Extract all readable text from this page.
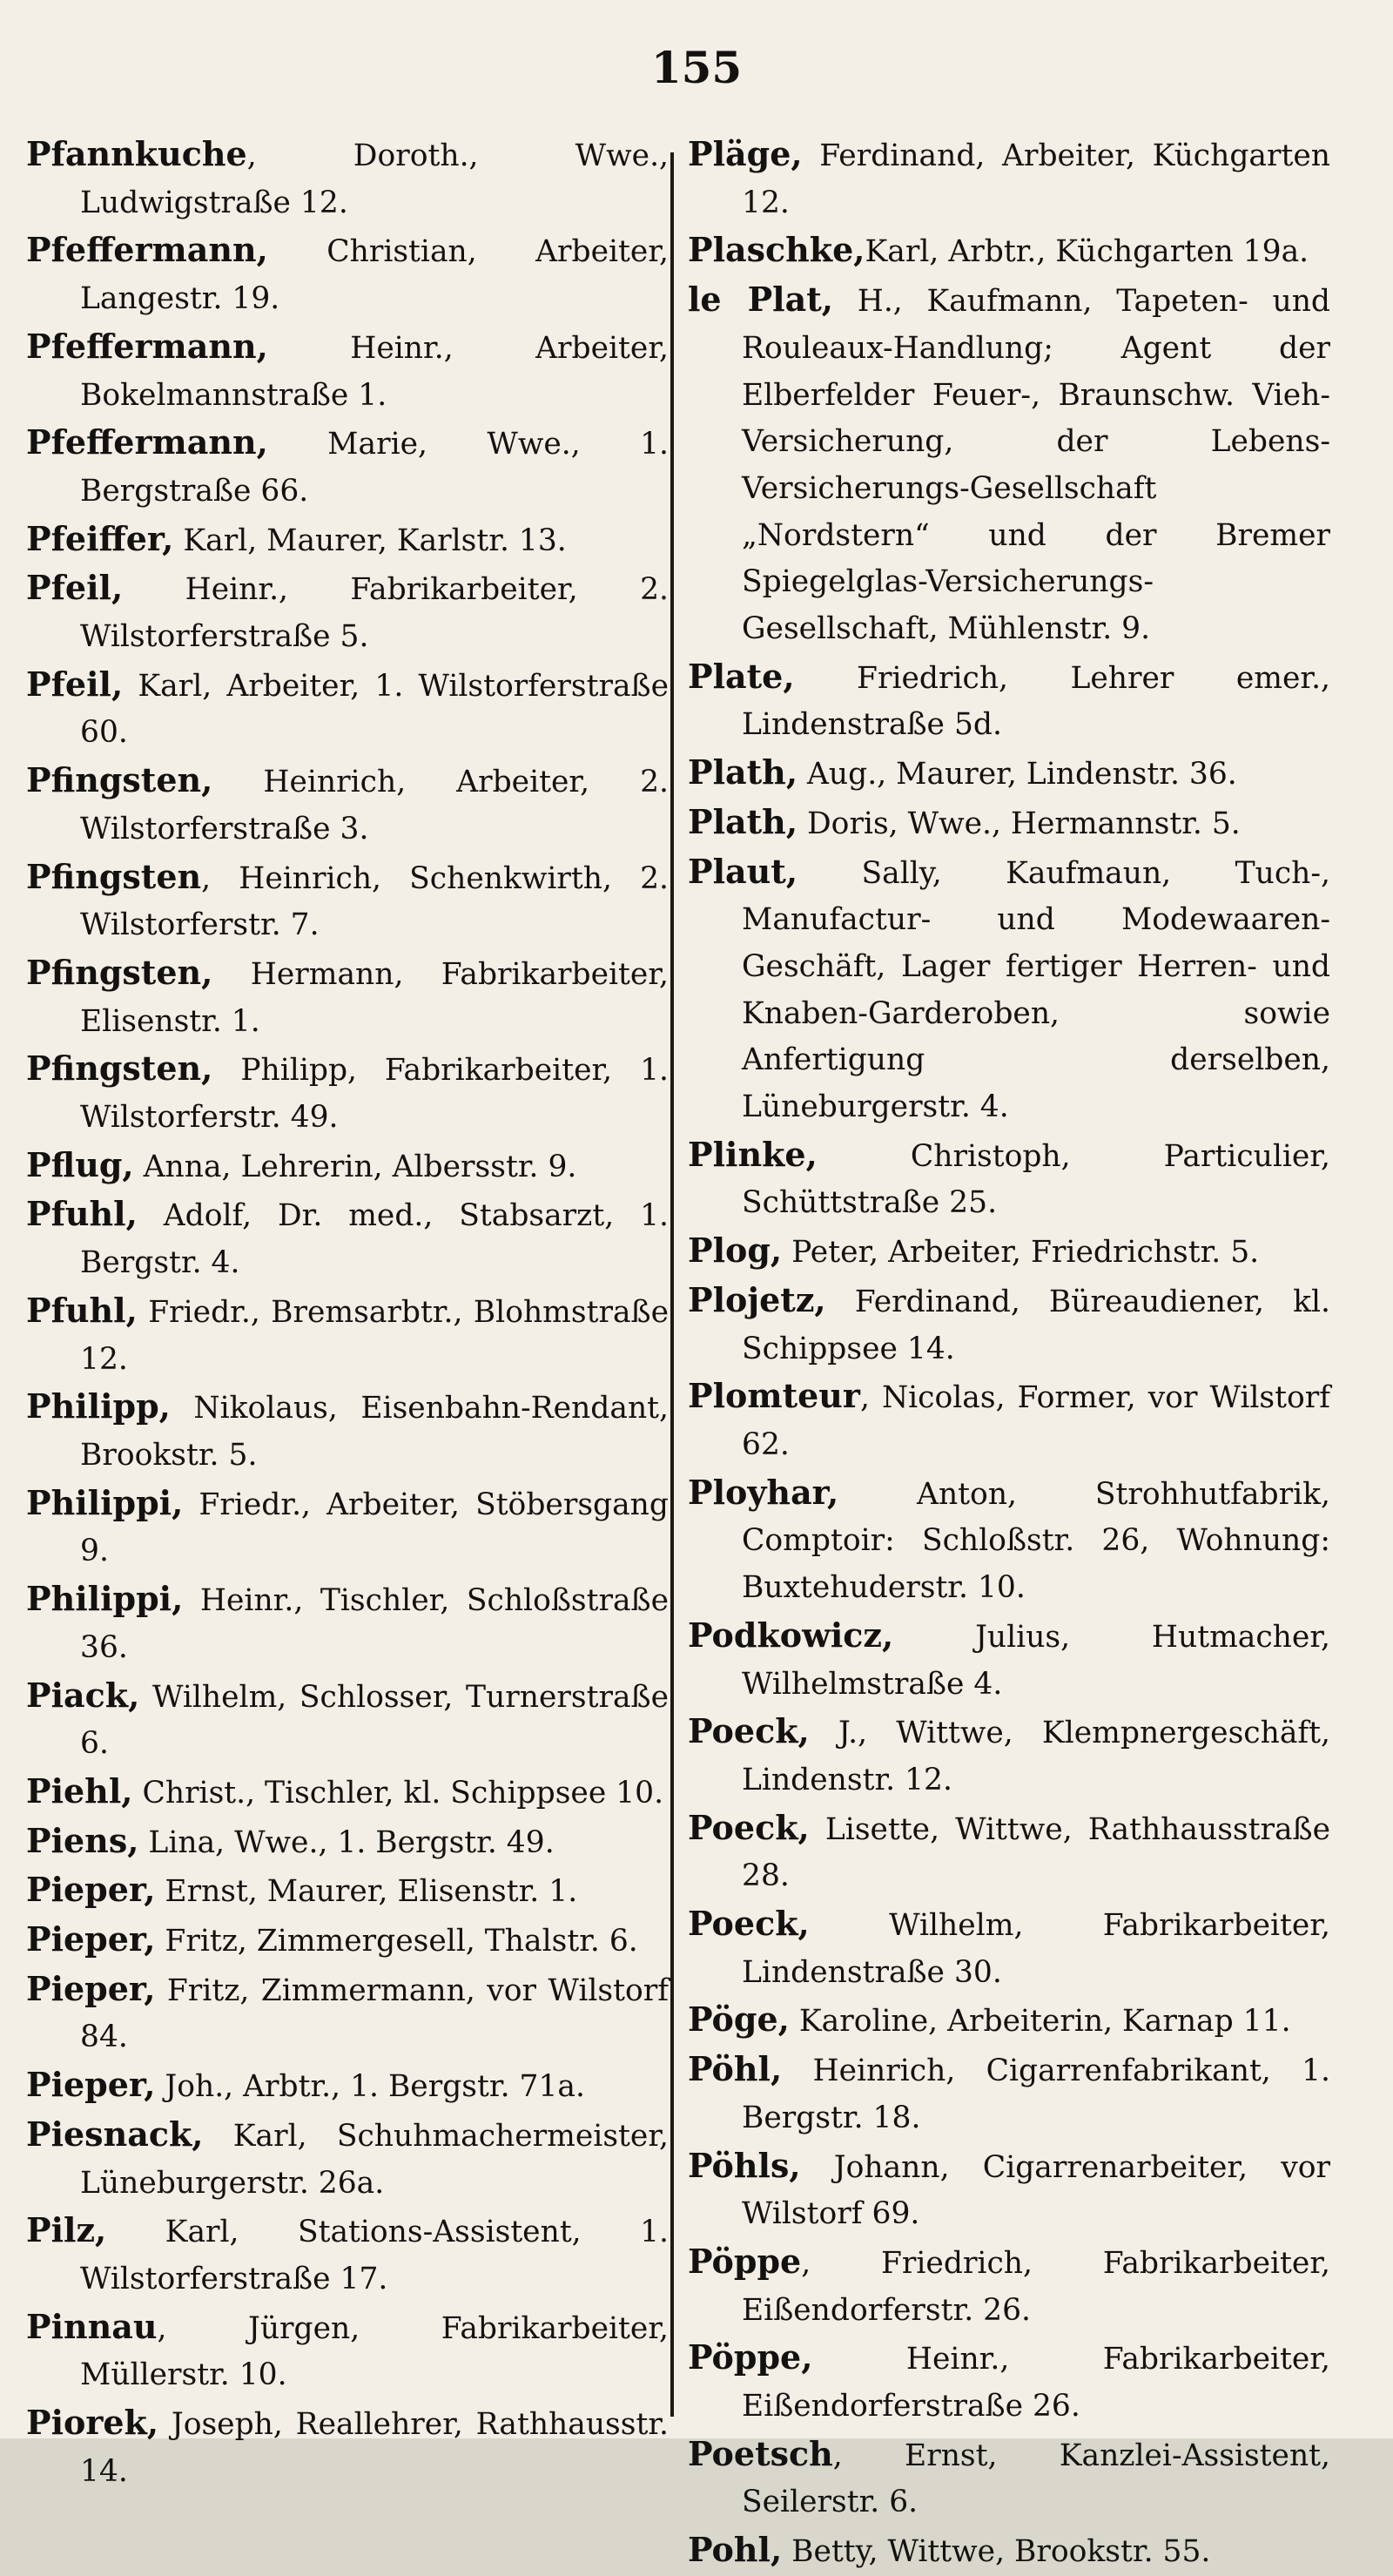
155

Pfannkuche, Doroth., Wwe., Ludwigstraße 12.

Pfeffermann, Christian, Arbeiter, Langestr. 19.

Pfeffermann, Heinr., Arbeiter, Bokelmannstraße 1.

Pfeffermann, Marie, Wwe., 1. Bergstraße 66.

Pfeiffer, Karl, Maurer, Karlstr. 13.

Pfeil, Heinr., Fabrikarbeiter, 2. Wilstorferstraße 5.

Pfeil, Karl, Arbeiter, 1. Wilstorferstraße 60.

Pfingsten, Heinrich, Arbeiter, 2. Wilstorferstraße 3.

Pfingsten, Heinrich, Schenkwirth, 2. Wilstorferstr. 7.

Pfingsten, Hermann, Fabrikarbeiter, Elisenstr. 1.

Pfingsten, Philipp, Fabrikarbeiter, 1. Wilstorferstr. 49.

Pflug, Anna, Lehrerin, Albersstr. 9.

Pfuhl, Adolf, Dr. med., Stabsarzt, 1. Bergstr. 4.

Pfuhl, Friedr., Bremsarbtr., Blohmstraße 12.

Philipp, Nikolaus, Eisenbahn-Rendant, Brookstr. 5.

Philippi, Friedr., Arbeiter, Stöbersgang 9.

Philippi, Heinr., Tischler, Schloßstraße 36.

Piack, Wilhelm, Schlosser, Turnerstraße 6.

Piehl, Christ., Tischler, kl. Schippsee 10.

Piens, Lina, Wwe., 1. Bergstr. 49.

Pieper, Ernst, Maurer, Elisenstr. 1.

Pieper, Fritz, Zimmergesell, Thalstr. 6.

Pieper, Fritz, Zimmermann, vor Wilstorf 84.

Pieper, Joh., Arbtr., 1. Bergstr. 71a.

Piesnack, Karl, Schuhmachermeister, Lüneburgerstr. 26a.

Pilz, Karl, Stations-Assistent, 1. Wilstorferstraße 17.

Pinnau, Jürgen, Fabrikarbeiter, Müllerstr. 10.

Piorek, Joseph, Reallehrer, Rathhausstr. 14.

Pläge, Ferdinand, Arbeiter, Küchgarten 12.

Plaschke,Karl, Arbtr., Küchgarten 19a.

le Plat, H., Kaufmann, Tapeten- und Rouleaux-Handlung; Agent der Elberfelder Feuer-, Braunschw. Vieh-Versicherung, der Lebens-Versicherungs-Gesellschaft „Nordstern“ und der Bremer Spiegelglas-Versicherungs-Gesellschaft, Mühlenstr. 9.

Plate, Friedrich, Lehrer emer., Lindenstraße 5d.

Plath, Aug., Maurer, Lindenstr. 36.

Plath, Doris, Wwe., Hermannstr. 5.

Plaut, Sally, Kaufmaun, Tuch-, Manufactur- und Modewaaren-Geschäft, Lager fertiger Herren- und Knaben-Garderoben, sowie Anfertigung derselben, Lüneburgerstr. 4.

Plinke, Christoph, Particulier, Schüttstraße 25.

Plog, Peter, Arbeiter, Friedrichstr. 5.

Plojetz, Ferdinand, Büreaudiener, kl. Schippsee 14.

Plomteur, Nicolas, Former, vor Wilstorf 62.

Ployhar, Anton, Strohhutfabrik, Comptoir: Schloßstr. 26, Wohnung: Buxtehuderstr. 10.

Podkowicz, Julius, Hutmacher, Wilhelmstraße 4.

Poeck, J., Wittwe, Klempnergeschäft, Lindenstr. 12.

Poeck, Lisette, Wittwe, Rathhausstraße 28.

Poeck, Wilhelm, Fabrikarbeiter, Lindenstraße 30.

Pöge, Karoline, Arbeiterin, Karnap 11.

Pöhl, Heinrich, Cigarrenfabrikant, 1. Bergstr. 18.

Pöhls, Johann, Cigarrenarbeiter, vor Wilstorf 69.

Pöppe, Friedrich, Fabrikarbeiter, Eißendorferstr. 26.

Pöppe, Heinr., Fabrikarbeiter, Eißendorferstraße 26.

Poetsch, Ernst, Kanzlei-Assistent, Seilerstr. 6.

Pohl, Betty, Wittwe, Brookstr. 55.
